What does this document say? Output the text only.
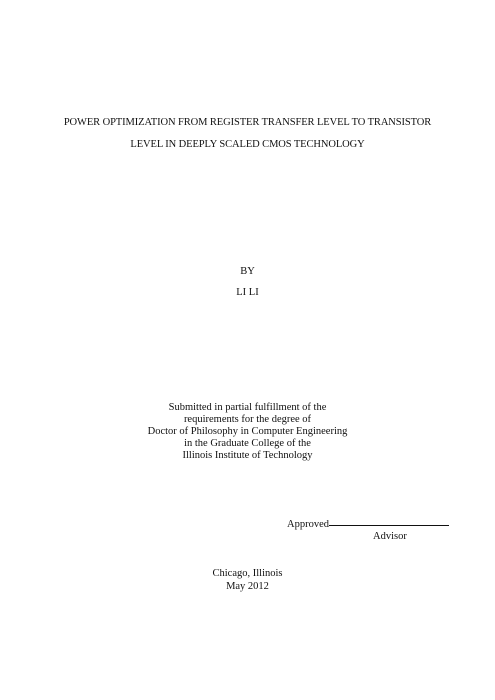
POWER OPTIMIZATION FROM REGISTER TRANSFER LEVEL TO TRANSISTOR
LEVEL IN DEEPLY SCALED CMOS TECHNOLOGY
BY
LI LI
Submitted in partial fulfillment of the
requirements for the degree of
Doctor of Philosophy in Computer Engineering
in the Graduate College of the
Illinois Institute of Technology
Approved
Advisor
Chicago, Illinois
May 2012
